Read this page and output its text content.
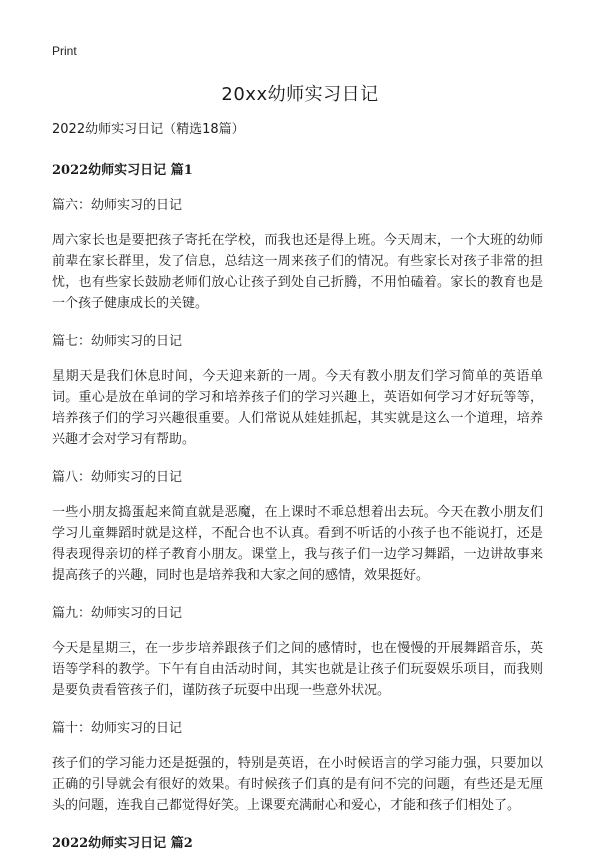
Print
20xx幼师实习日记

2022幼师实习日记（精选18篇）

2022幼师实习日记 篇1

篇六：幼师实习的日记

周六家长也是要把孩子寄托在学校，而我也还是得上班。今天周末，一个大班的幼师前辈在家长群里，发了信息，总结这一周来孩子们的情况。有些家长对孩子非常的担忧，也有些家长鼓励老师们放心让孩子到处自己折腾，不用怕磕着。家长的教育也是一个孩子健康成长的关键。

篇七：幼师实习的日记

星期天是我们休息时间，今天迎来新的一周。今天有教小朋友们学习简单的英语单词。重心是放在单词的学习和培养孩子们的学习兴趣上，英语如何学习才好玩等等，培养孩子们的学习兴趣很重要。人们常说从娃娃抓起，其实就是这么一个道理，培养兴趣才会对学习有帮助。

篇八：幼师实习的日记

一些小朋友捣蛋起来简直就是恶魔，在上课时不乖总想着出去玩。今天在教小朋友们学习儿童舞蹈时就是这样，不配合也不认真。看到不听话的小孩子也不能说打，还是得表现得亲切的样子教育小朋友。课堂上，我与孩子们一边学习舞蹈，一边讲故事来提高孩子的兴趣，同时也是培养我和大家之间的感情，效果挺好。

篇九：幼师实习的日记

今天是星期三，在一步步培养跟孩子们之间的感情时，也在慢慢的开展舞蹈音乐，英语等学科的教学。下午有自由活动时间，其实也就是让孩子们玩耍娱乐项目，而我则是要负责看管孩子们，谨防孩子玩耍中出现一些意外状况。

篇十：幼师实习的日记

孩子们的学习能力还是挺强的，特别是英语，在小时候语言的学习能力强，只要加以正确的引导就会有很好的效果。有时候孩子们真的是有问不完的问题，有些还是无厘头的问题，连我自己都觉得好笑。上课要充满耐心和爱心，才能和孩子们相处了。

2022幼师实习日记 篇2
